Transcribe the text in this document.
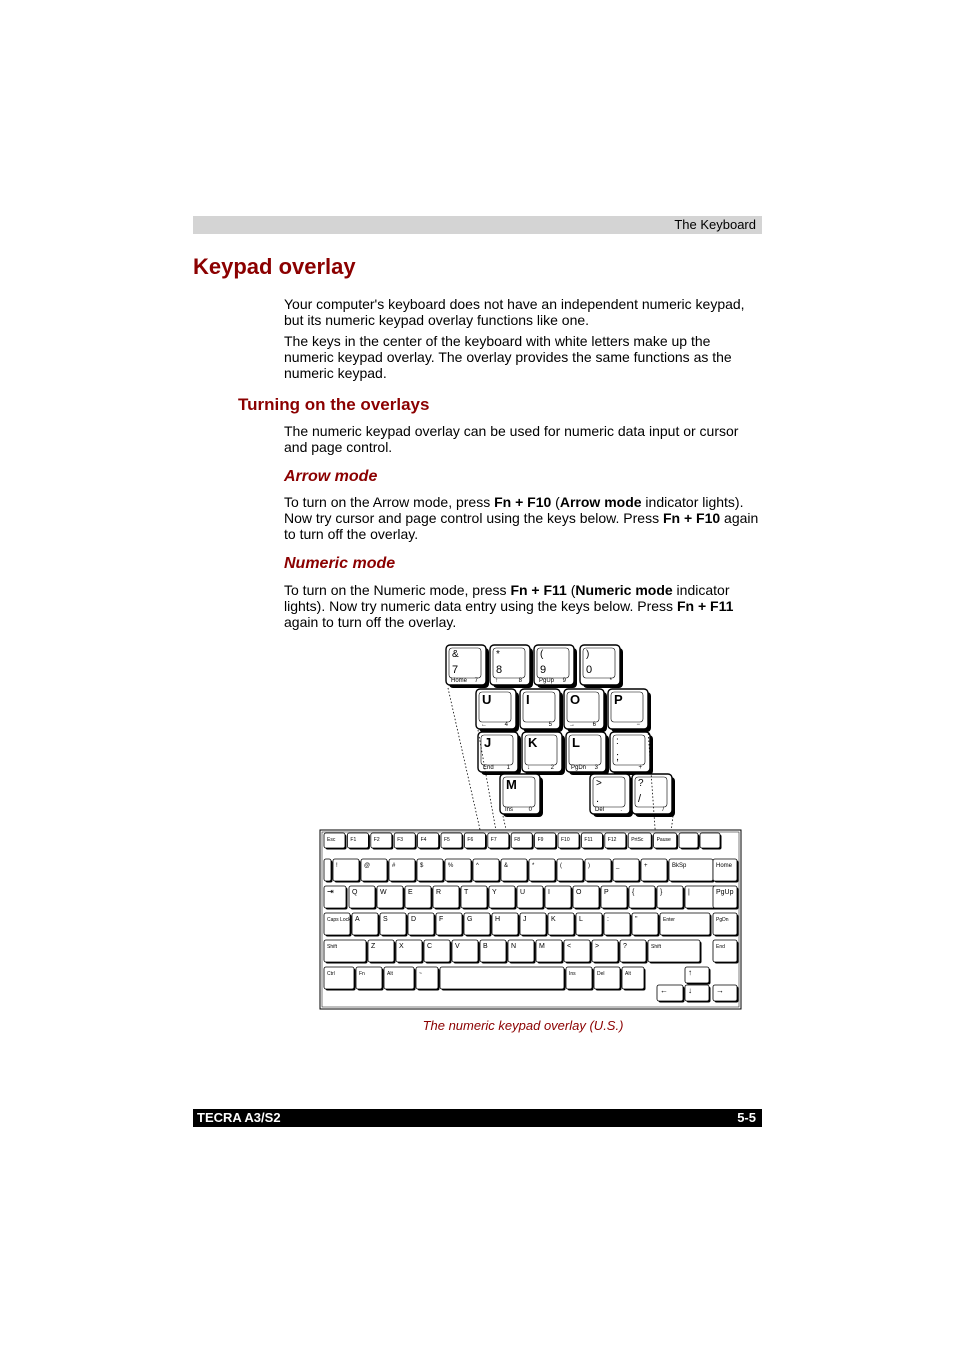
The Keyboard
Keypad overlay

Your computer's keyboard does not have an independent numeric keypad, but its numeric keypad overlay functions like one.

The keys in the center of the keyboard with white letters make up the numeric keypad overlay. The overlay provides the same functions as the numeric keypad.

Turning on the overlays

The numeric keypad overlay can be used for numeric data input or cursor and page control.

Arrow mode

To turn on the Arrow mode, press Fn + F10 (Arrow mode indicator lights). Now try cursor and page control using the keys below. Press Fn + F10 again to turn off the overlay.

Numeric mode

To turn on the Numeric mode, press Fn + F11 (Numeric mode indicator lights). Now try numeric data entry using the keys below. Press Fn + F11 again to turn off the overlay.

&
7
Home 7
*
8
↑	8
(
9
PgUp 9
)
0
*
U
←	4
I
5
O
→	6
P
−
J
End 1
K
↓	2
L
PgDn 3
:
;
+
M
Ins	0
>
.
Del	.
?
/
/
Esc	F1	F2	F3	F4	F5	F6	F7	F8	F9	F10	F11	F12	PrtSc	Pause
!	@	#	$	%	^	&	*	(	)	_	+	BkSp	Home
⇥	Q	W	E	R	T	Y	U	I	O	P	{	}	|	PgUp
Caps Lock A	S	D	F	G	H	J	K	L	:	"	Enter	PgDn
Shift	Z	X	C	V	B	N	M	<	>	?	Shift	End
Ctrl	Fn	Alt	~	Ins	Del	Alt	↑
←	↓	→
The numeric keypad overlay (U.S.)
TECRA A3/S2	5-5
